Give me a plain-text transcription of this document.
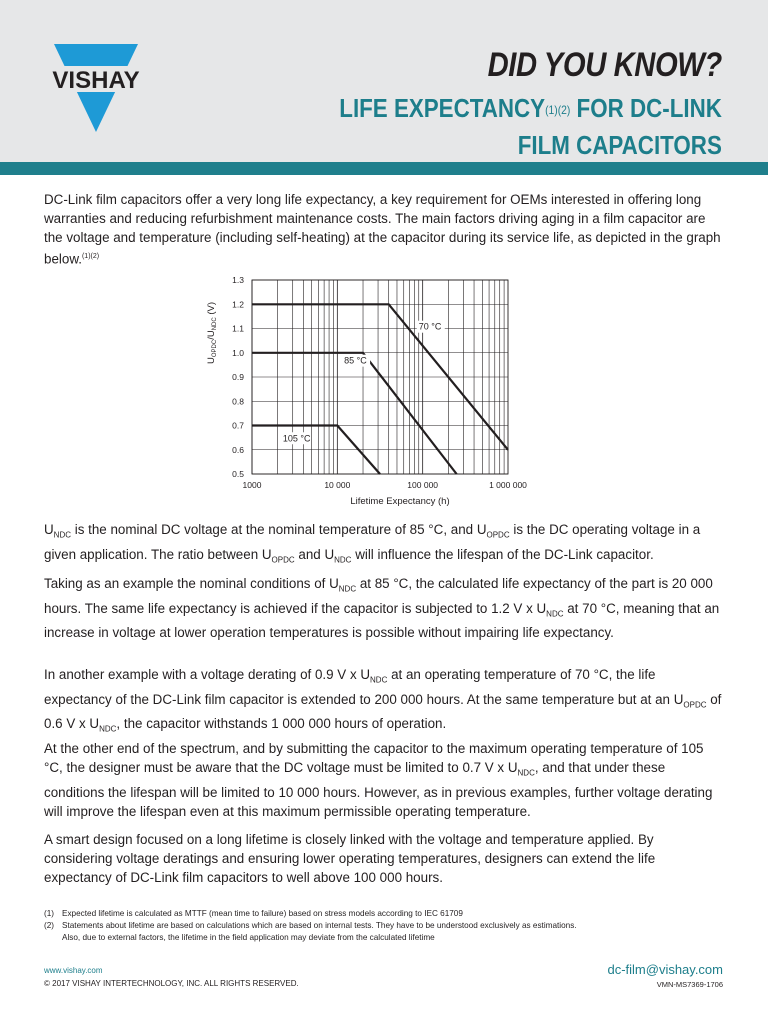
VISHAY	DID YOU KNOW?
LIFE $EXPECTANCY^{(1)(2)}$ FOR DC-LINK
FILM CAPACITORS
DC-Link film capacitors offer a very long life expectancy, a key requirement for OEMs interested in offering long warranties and reducing refurbishment maintenance costs. The main factors driving aging in a film capacitor are the voltage and temperature (including self-heating) at the capacitor during its service life, as depicted in the graph below.$^{(1)(2)}$
0.5
0.6
0.7
0.8
0.9
1.0
1.1
1.2
1.3
1000	10 000	100 000	1 000 000
Lifetime Expectancy (h)
$U_{OPDC}/U_{NDC}$ (V)
105 °C
85 °C
70 °C
$U_{NDC}$ is the nominal DC voltage at the nominal temperature of 85 °C, and $U_{OPDC}$ is the DC operating voltage in a given application. The ratio between $U_{OPDC}$ and $U_{NDC}$ will influence the lifespan of the DC-Link capacitor.
Taking as an example the nominal conditions of $U_{NDC}$ at 85 °C, the calculated life expectancy of the part is 20 000 hours. The same life expectancy is achieved if the capacitor is subjected to 1.2 V x $U_{NDC}$ at 70 °C, meaning that an increase in voltage at lower operation temperatures is possible without impairing life expectancy.
In another example with a voltage derating of 0.9 V x $U_{NDC}$ at an operating temperature of 70 °C, the life expectancy of the DC-Link film capacitor is extended to 200 000 hours. At the same temperature but at an $U_{OPDC}$ of 0.6 V x $U_{NDC}$, the capacitor withstands 1 000 000 hours of operation.
At the other end of the spectrum, and by submitting the capacitor to the maximum operating temperature of 105 °C, the designer must be aware that the DC voltage must be limited to 0.7 V x $U_{NDC}$, and that under these conditions the lifespan will be limited to 10 000 hours. However, as in previous examples, further voltage derating will improve the lifespan even at this maximum permissible operating temperature.
A smart design focused on a long lifetime is closely linked with the voltage and temperature applied. By considering voltage deratings and ensuring lower operating temperatures, designers can extend the life expectancy of DC-Link film capacitors to well above 100 000 hours.
(1) Expected lifetime is calculated as MTTF (mean time to failure) based on stress models according to IEC 61709
(2) Statements about lifetime are based on calculations which are based on internal tests. They have to be understood exclusively as estimations.
Also, due to external factors, the lifetime in the field application may deviate from the calculated lifetime
www.vishay.com
© 2017 VISHAY INTERTECHNOLOGY, INC. ALL RIGHTS RESERVED.
dc-film@vishay.com
VMN-MS7369-1706
